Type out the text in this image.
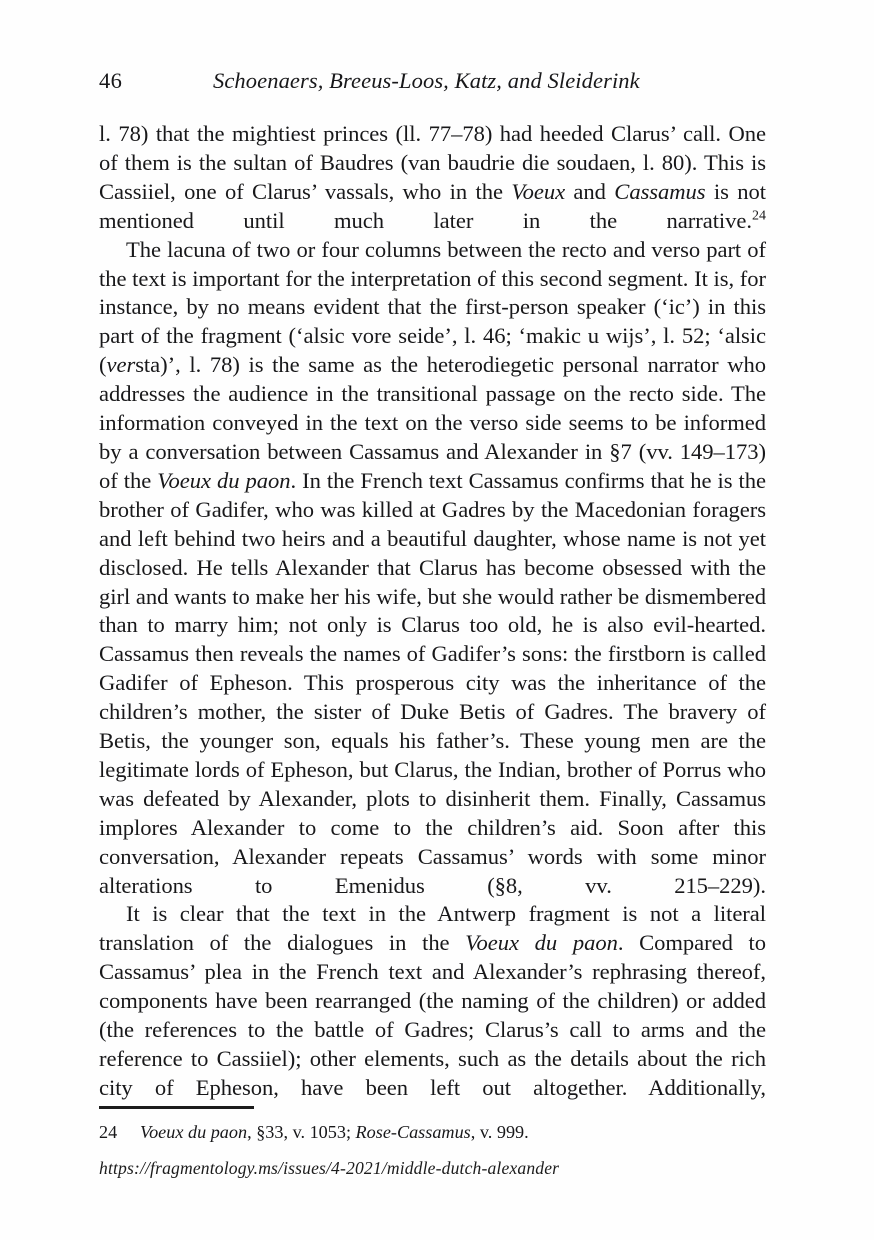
46	Schoenaers, Breeus-Loos, Katz, and Sleiderink

l. 78) that the mightiest princes (ll. 77–78) had heeded Clarus’ call. One of them is the sultan of Baudres (van baudrie die soudaen, l. 80). This is Cassiiel, one of Clarus’ vassals, who in the Voeux and Cassamus is not mentioned until much later in the narrative.$^{24}$

The lacuna of two or four columns between the recto and verso part of the text is important for the interpretation of this second segment. It is, for instance, by no means evident that the first-person speaker (‘ic’) in this part of the fragment (‘alsic vore seide’, l. 46; ‘makic u wijs’, l. 52; ‘alsic (versta)’, l. 78) is the same as the heterodiegetic personal narrator who addresses the audience in the transitional passage on the recto side. The information conveyed in the text on the verso side seems to be informed by a conversation between Cassamus and Alexander in §7 (vv. 149–173) of the Voeux du paon. In the French text Cassamus confirms that he is the brother of Gadifer, who was killed at Gadres by the Macedonian foragers and left behind two heirs and a beautiful daughter, whose name is not yet disclosed. He tells Alexander that Clarus has become obsessed with the girl and wants to make her his wife, but she would rather be dismembered than to marry him; not only is Clarus too old, he is also evil-hearted. Cassamus then reveals the names of Gadifer’s sons: the firstborn is called Gadifer of Epheson. This prosperous city was the inheritance of the children’s mother, the sister of Duke Betis of Gadres. The bravery of Betis, the younger son, equals his father’s. These young men are the legitimate lords of Epheson, but Clarus, the Indian, brother of Porrus who was defeated by Alexander, plots to disinherit them. Finally, Cassamus implores Alexander to come to the children’s aid. Soon after this conversation, Alexander repeats Cassamus’ words with some minor alterations to Emenidus (§8, vv. 215–229).

It is clear that the text in the Antwerp fragment is not a literal translation of the dialogues in the Voeux du paon. Compared to Cassamus’ plea in the French text and Alexander’s rephrasing thereof, components have been rearranged (the naming of the children) or added (the references to the battle of Gadres; Clarus’s call to arms and the reference to Cassiiel); other elements, such as the details about the rich city of Epheson, have been left out altogether. Additionally,

24	Voeux du paon, §33, v. 1053; Rose-Cassamus, v. 999.
https://fragmentology.ms/issues/4-2021/middle-dutch-alexander
